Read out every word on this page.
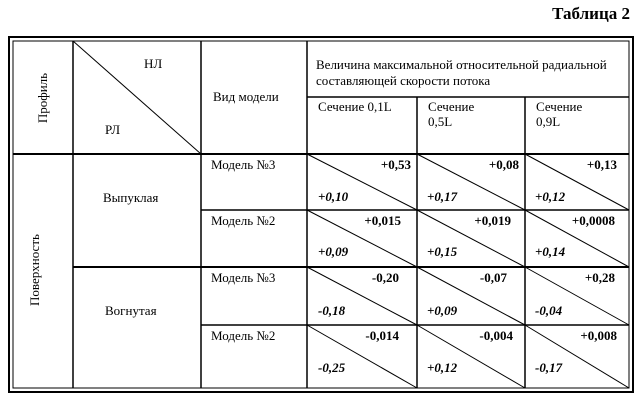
Таблица 2
Профиль
НЛ
РЛ
Вид модели
Величина максимальной относительной радиальной составляющей скорости потока
Сечение 0,1L	Сечение 0,5L
Сечение 0,9L
Поверхность
Выпуклая
Вогнутая
Модель №3
Модель №2
Модель №3
Модель №2
+0,53
+0,10
+0,08
+0,17
+0,13
+0,12
+0,015
+0,09
+0,019
+0,15
+0,0008
+0,14
-0,20
-0,18
-0,07
+0,09
+0,28
-0,04
-0,014
-0,25
-0,004
+0,12
+0,008
-0,17
